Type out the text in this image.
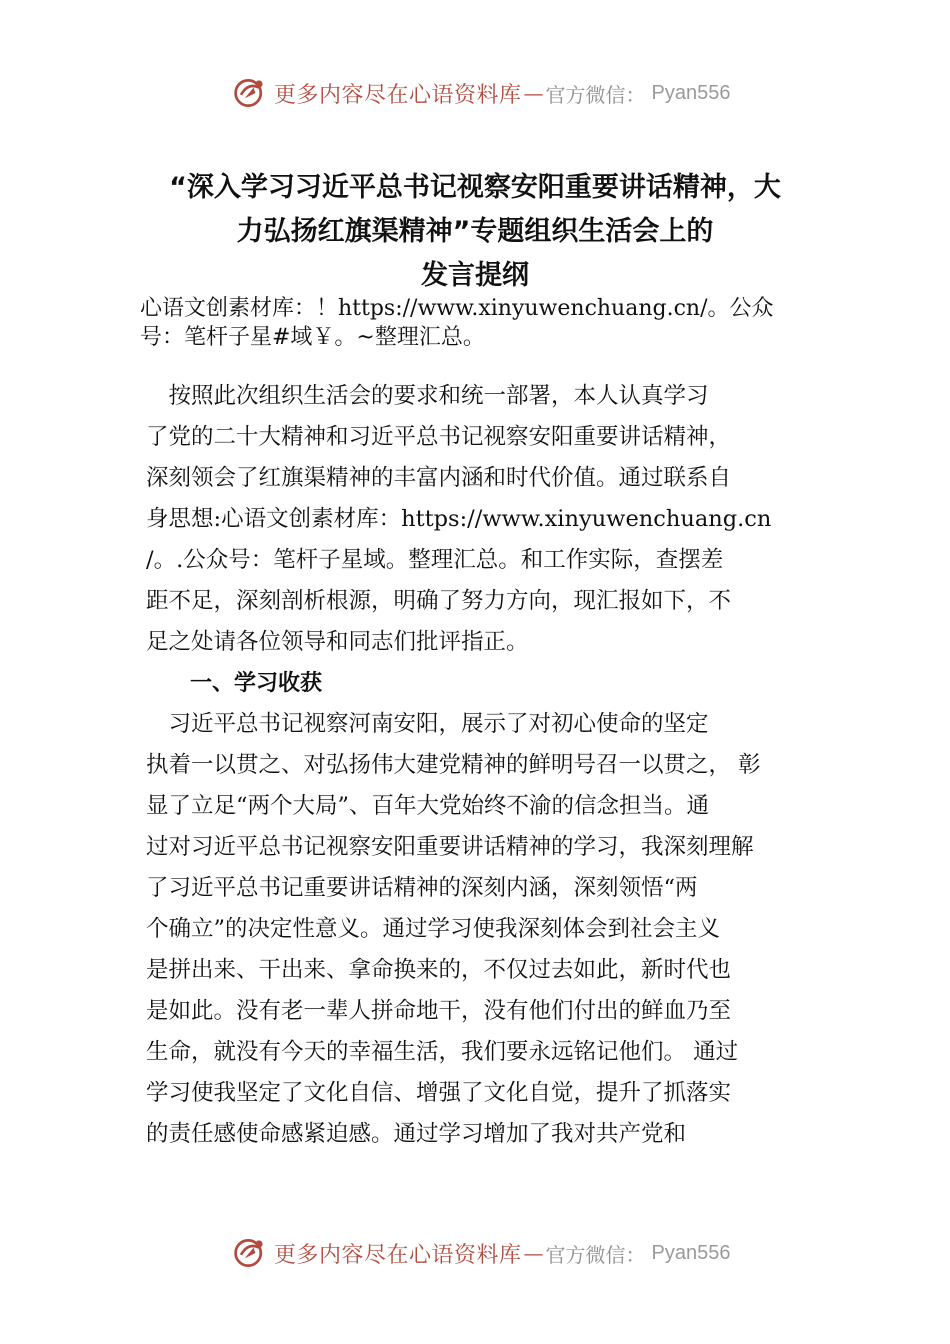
更多内容尽在心语资料库 — 官方微信： Pyan556
“深入学习习近平总书记视察安阳重要讲话精神，大
力弘扬红旗渠精神”专题组织生活会上的
发言提纲
心语文创素材库：！https://www.xinyuwenchuang.cn/。公众
号：笔杆子星#域￥。~整理汇总。
　按照此次组织生活会的要求和统一部署，本人认真学习
了党的二十大精神和习近平总书记视察安阳重要讲话精神，
深刻领会了红旗渠精神的丰富内涵和时代价值。通过联系自
身思想:心语文创素材库：https://www.xinyuwenchuang.cn
/。.公众号：笔杆子星域。整理汇总。和工作实际，查摆差
距不足，深刻剖析根源，明确了努力方向，现汇报如下，不
足之处请各位领导和同志们批评指正。
　　一、学习收获
　习近平总书记视察河南安阳，展示了对初心使命的坚定
执着一以贯之、对弘扬伟大建党精神的鲜明号召一以贯之， 彰
显了立足“两个大局”、百年大党始终不渝的信念担当。通
过对习近平总书记视察安阳重要讲话精神的学习，我深刻理解
了习近平总书记重要讲话精神的深刻内涵，深刻领悟“两
个确立”的决定性意义。通过学习使我深刻体会到社会主义
是拼出来、干出来、拿命换来的，不仅过去如此，新时代也
是如此。没有老一辈人拼命地干，没有他们付出的鲜血乃至
生命，就没有今天的幸福生活，我们要永远铭记他们。 通过
学习使我坚定了文化自信、增强了文化自觉，提升了抓落实
的责任感使命感紧迫感。通过学习增加了我对共产党和
更多内容尽在心语资料库 — 官方微信： Pyan556
